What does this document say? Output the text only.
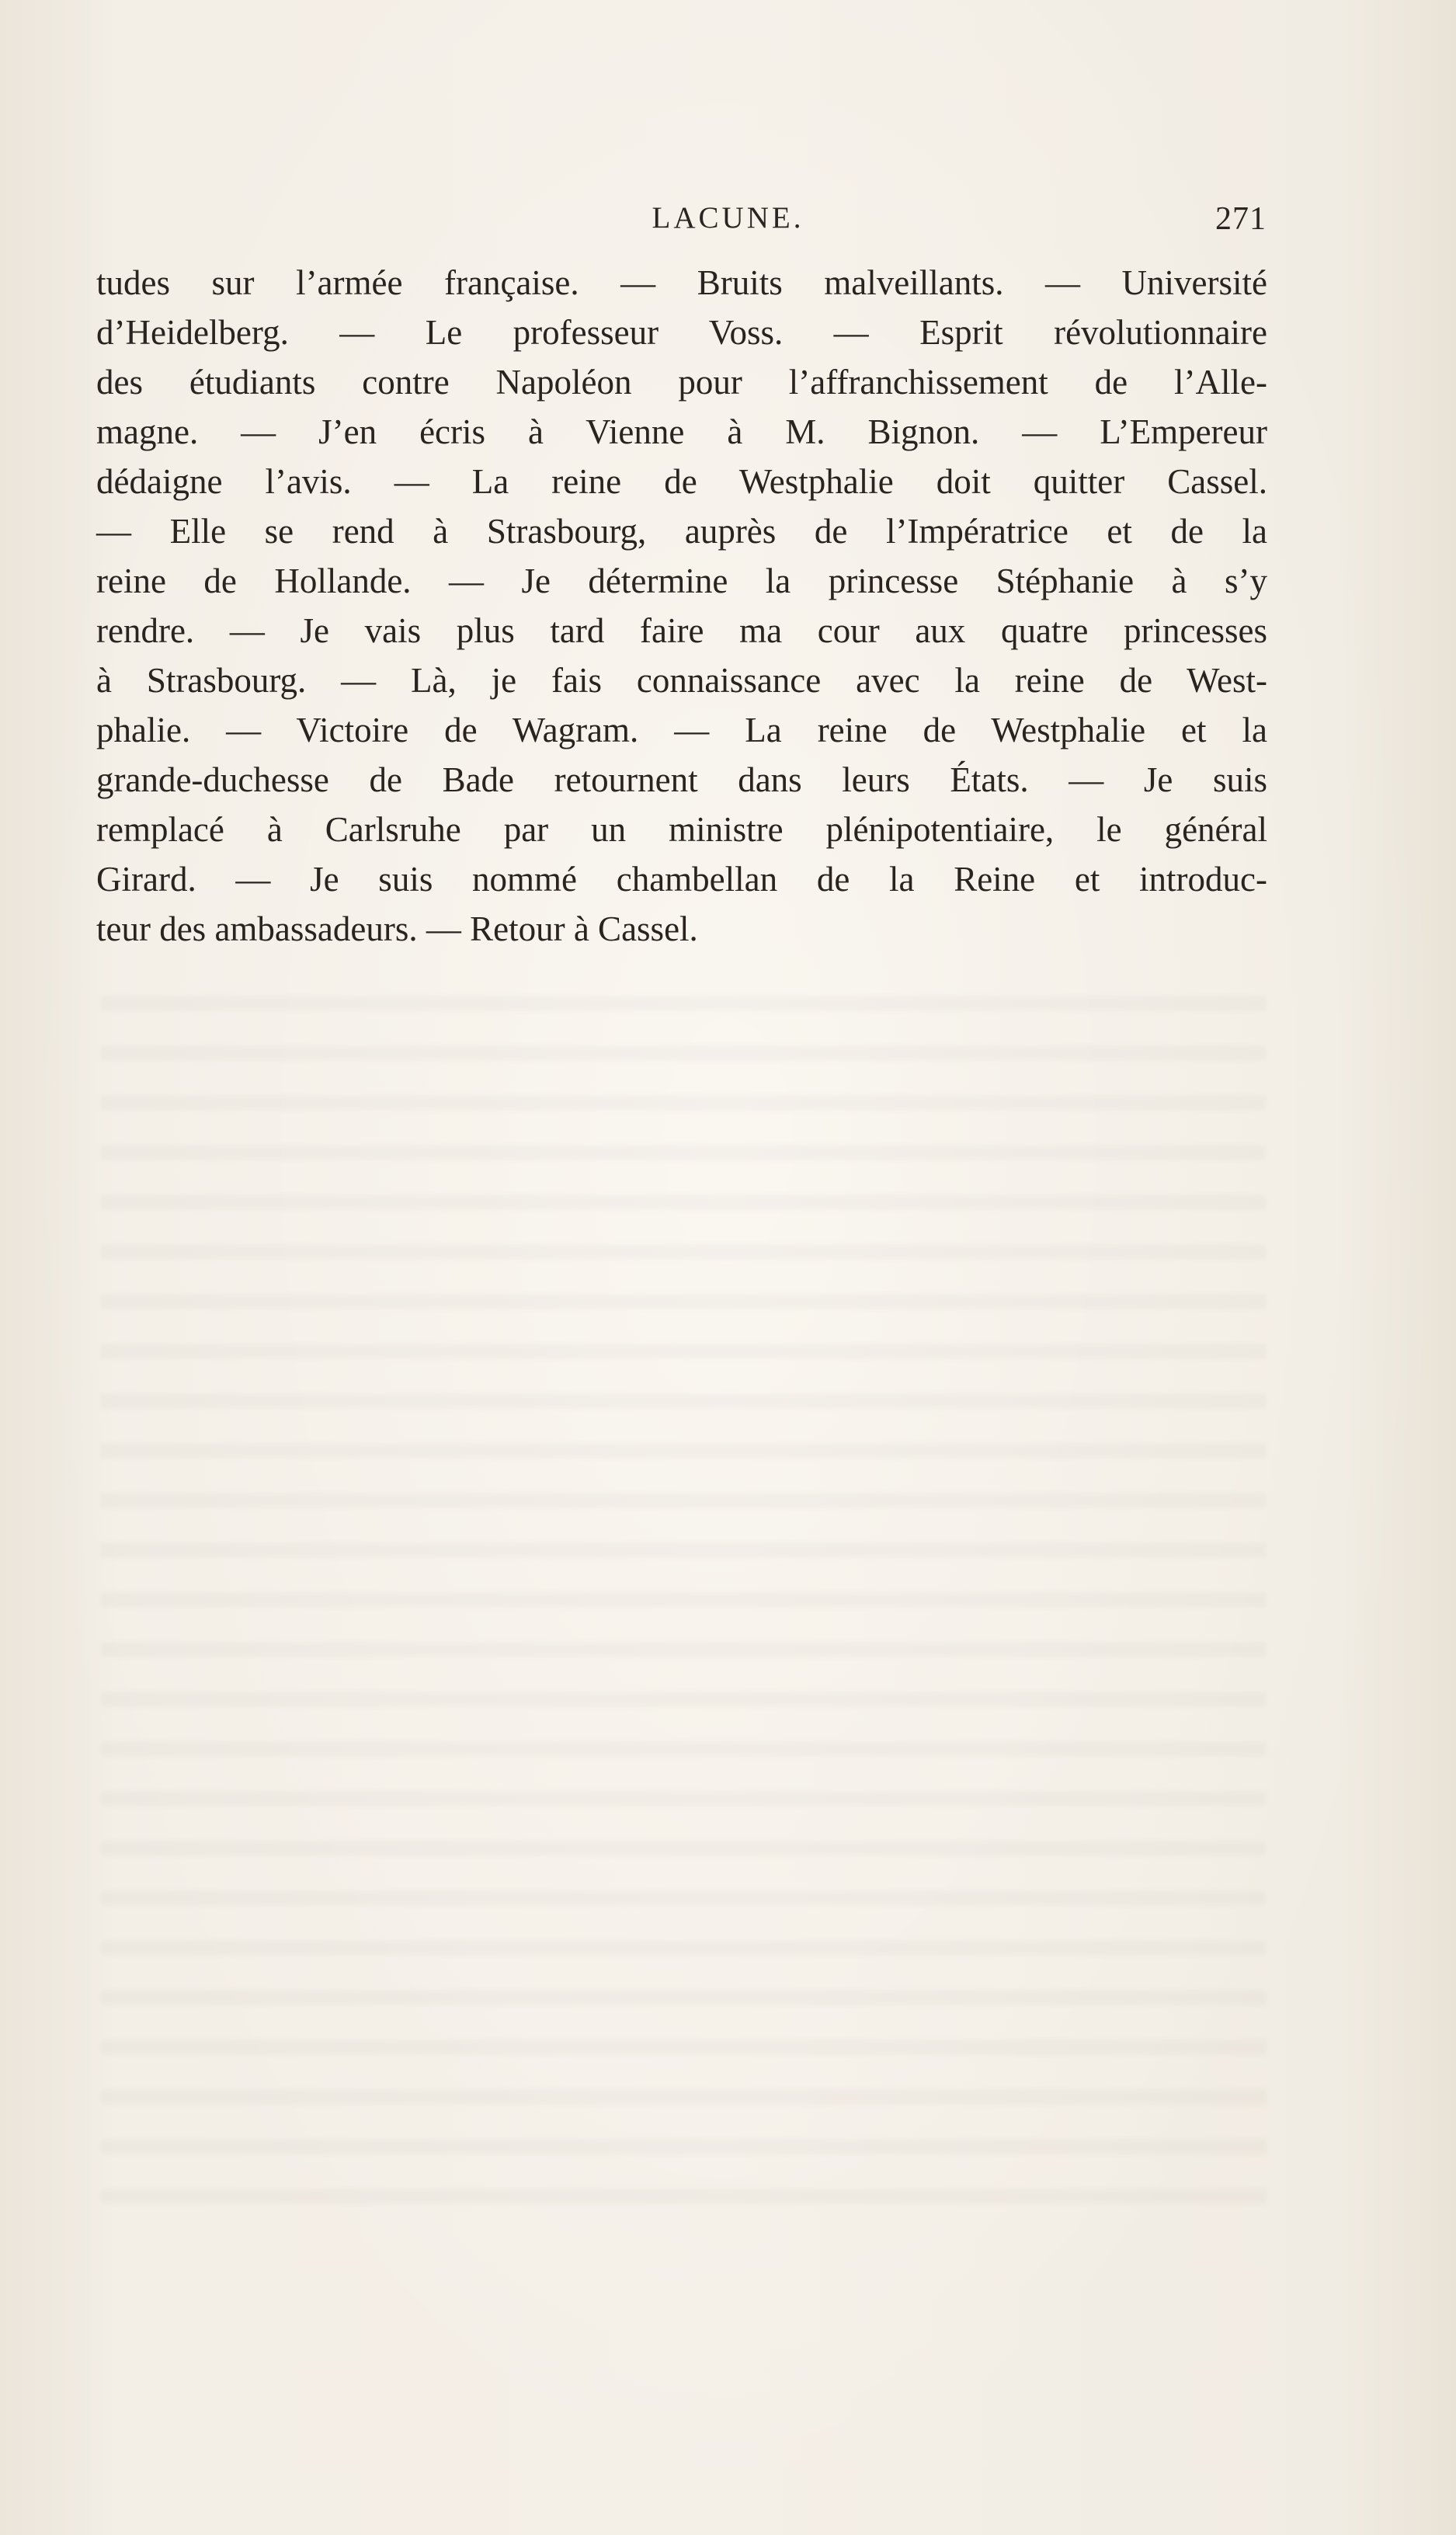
LACUNE.	271
tudes sur l’armée française. — Bruits malveillants. — Université
d’Heidelberg. — Le professeur Voss. — Esprit révolutionnaire
des étudiants contre Napoléon pour l’affranchissement de l’Alle-
magne. — J’en écris à Vienne à M. Bignon. — L’Empereur
dédaigne l’avis. — La reine de Westphalie doit quitter Cassel.
— Elle se rend à Strasbourg, auprès de l’Impératrice et de la
reine de Hollande. — Je détermine la princesse Stéphanie à s’y
rendre. — Je vais plus tard faire ma cour aux quatre princesses
à Strasbourg. — Là, je fais connaissance avec la reine de West-
phalie. — Victoire de Wagram. — La reine de Westphalie et la
grande-duchesse de Bade retournent dans leurs États. — Je suis
remplacé à Carlsruhe par un ministre plénipotentiaire, le général
Girard. — Je suis nommé chambellan de la Reine et introduc-
teur des ambassadeurs. — Retour à Cassel.
